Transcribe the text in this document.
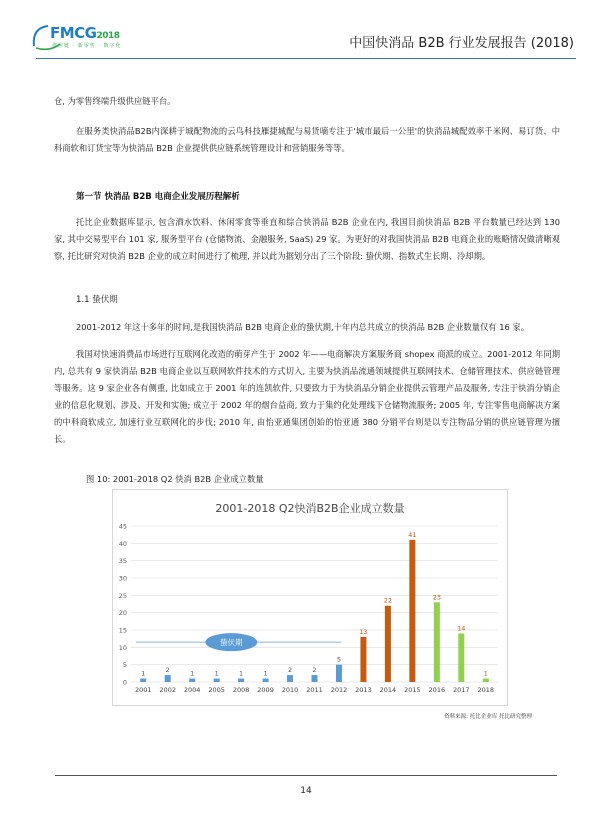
FMCG2018
供应链 · 新零售 · 数字化	中国快消品 B2B 行业发展报告 (2018)

仓, 为零售终端升级供应链平台。

在服务类快消品B2B内深耕于城配物流的云鸟科技雁捷城配与易货嘀专注于'城市最后一公里'的快消品城配效率千米网、易订货、中科商软和订货宝等为快消品 B2B 企业提供供应链系统管理设计和营销服务等等。

第一节 快消品 B2B 电商企业发展历程解析

托比企业数据库显示, 包含酒水饮料、休闲零食等垂直和综合快消品 B2B 企业在内, 我国目前快消品 B2B 平台数量已经达到 130 家, 其中交易型平台 101 家, 服务型平台 (仓储物流、金融服务, SaaS) 29 家。为更好的对我国快消品 B2B 电商企业的账略情况做清晰观察, 托比研究对快消 B2B 企业的成立时间进行了梳理, 并以此为据划分出了三个阶段: 蛰伏期、指数式生长期、冷却期。

1.1 蛰伏期

2001-2012 年这十多年的时间,是我国快消品 B2B 电商企业的蛰伏期,十年内总共成立的快消品 B2B 企业数量仅有 16 家。

我国对快速消费品市场进行互联网化改造的萌芽产生于 2002 年——电商解决方案服务商 shopex 商派的成立。2001-2012 年同期内, 总共有 9 家快消品 B2B 电商企业以互联网软件技术的方式切入, 主要为快消品流通领域提供互联网技术、仓储管理技术、供应链管理等服务。这 9 家企业各有侧重, 比如成立于 2001 年的连凯软件, 只要致力于为快消品分销企业提供云管理产品及服务, 专注于快消分销企业的信息化规划、涉及、开发和实施; 成立于 2002 年的烟台益商, 致力于集约化处理线下仓储物流服务; 2005 年, 专注零售电商解决方案的中科商软成立, 加速行业互联网化的步伐; 2010 年, 由怡亚通集团创始的怡亚通 380 分销平台则是以专注物品分销的供应链管理为擅长。

图 10: 2001-2018 Q2 快消 B2B 企业成立数量
2001-2018 Q2快消B2B企业成立数量
0
5
10
15
20
25
30
35
40
45
1
2001
2
2002
1
2004
1
2005
1
2008
1
2009
2
2010
2
2011
5
2012
13
2013
22
2014
41
2015
23
2016
14
2017
1
2018
蛰伏期
资料来源: 托比企业库 托比研究整理
14
